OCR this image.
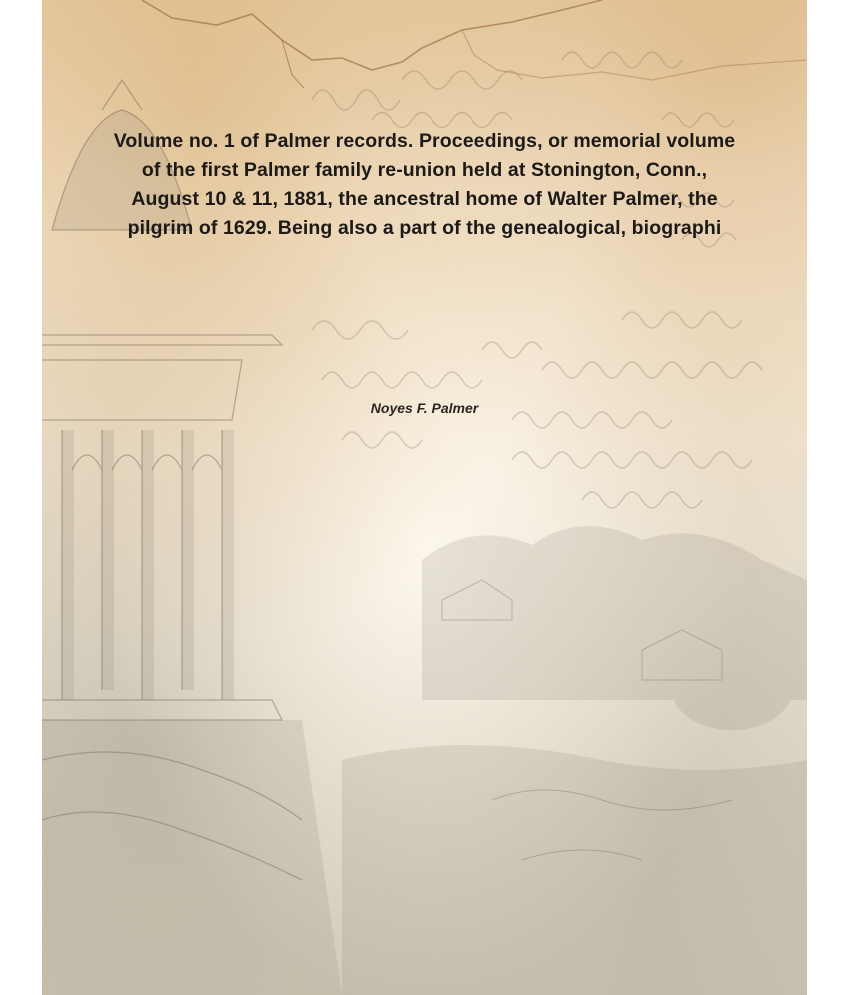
Volume no. 1 of Palmer records. Proceedings, or memorial volume of the first Palmer family re-union held at Stonington, Conn., August 10 & 11, 1881, the ancestral home of Walter Palmer, the pilgrim of 1629. Being also a part of the genealogical, biographi

Noyes F. Palmer
